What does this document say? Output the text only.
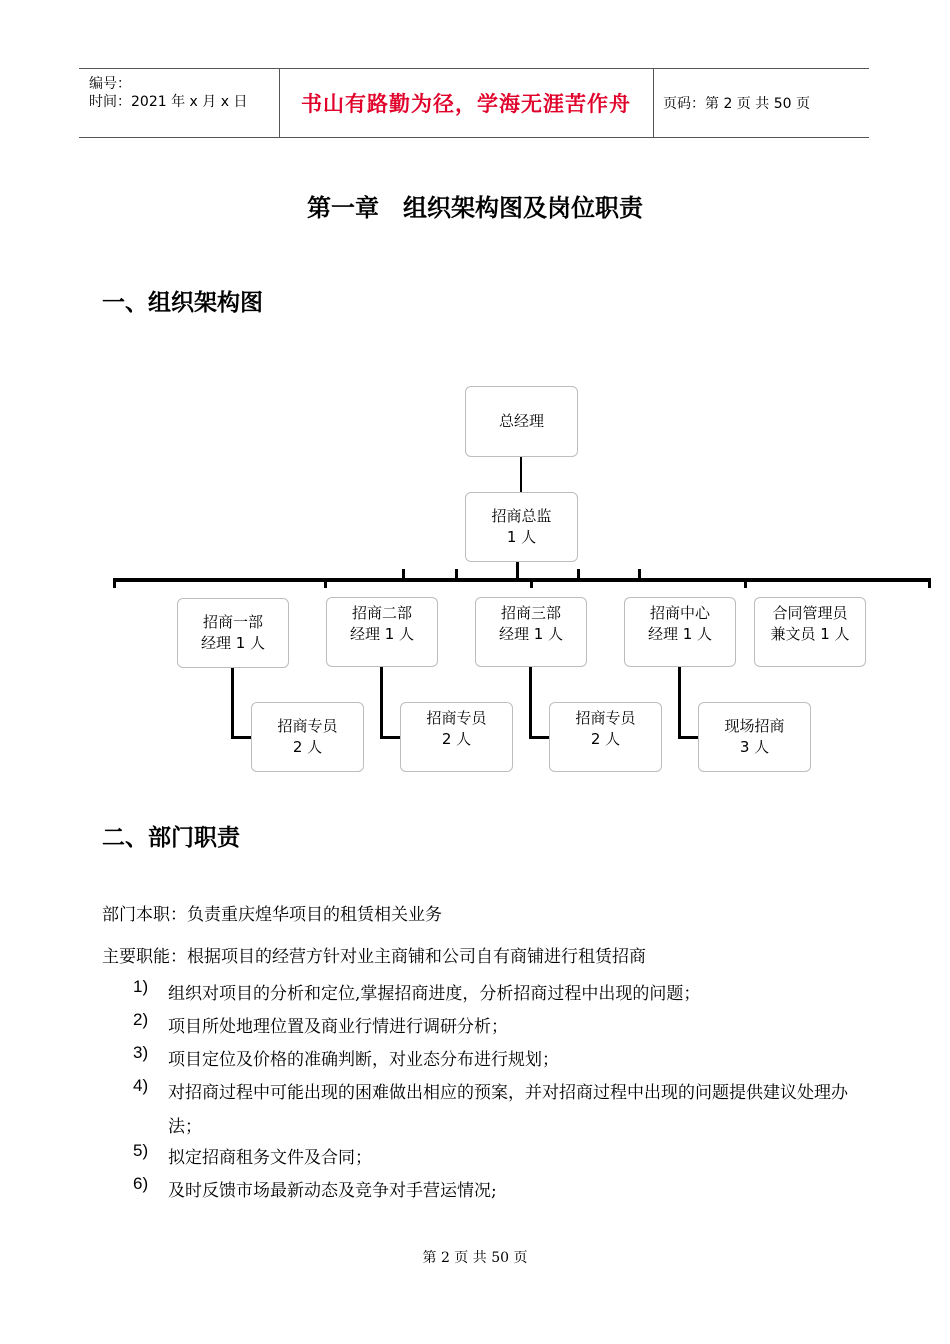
编号：
时间：2021 年 x 月 x 日	书山有路勤为径，学海无涯苦作舟	页码：第 2 页 共 50 页
第一章　组织架构图及岗位职责
一、组织架构图
总经理
招商总监
1 人
招商一部
经理 1 人
招商二部
经理 1 人
招商三部
经理 1 人
招商中心
经理 1 人
合同管理员
兼文员 1 人
招商专员
2 人
招商专员
2 人
招商专员
2 人
现场招商
3 人
二、部门职责
部门本职：负责重庆煌华项目的租赁相关业务
主要职能：根据项目的经营方针对业主商铺和公司自有商铺进行租赁招商
1) 组织对项目的分析和定位,掌握招商进度，分析招商过程中出现的问题；
2) 项目所处地理位置及商业行情进行调研分析；
3) 项目定位及价格的准确判断，对业态分布进行规划；
4) 对招商过程中可能出现的困难做出相应的预案，并对招商过程中出现的问题提供建议处理办法；
5) 拟定招商租务文件及合同；
6) 及时反馈市场最新动态及竞争对手营运情况;
第 2 页 共 50 页
